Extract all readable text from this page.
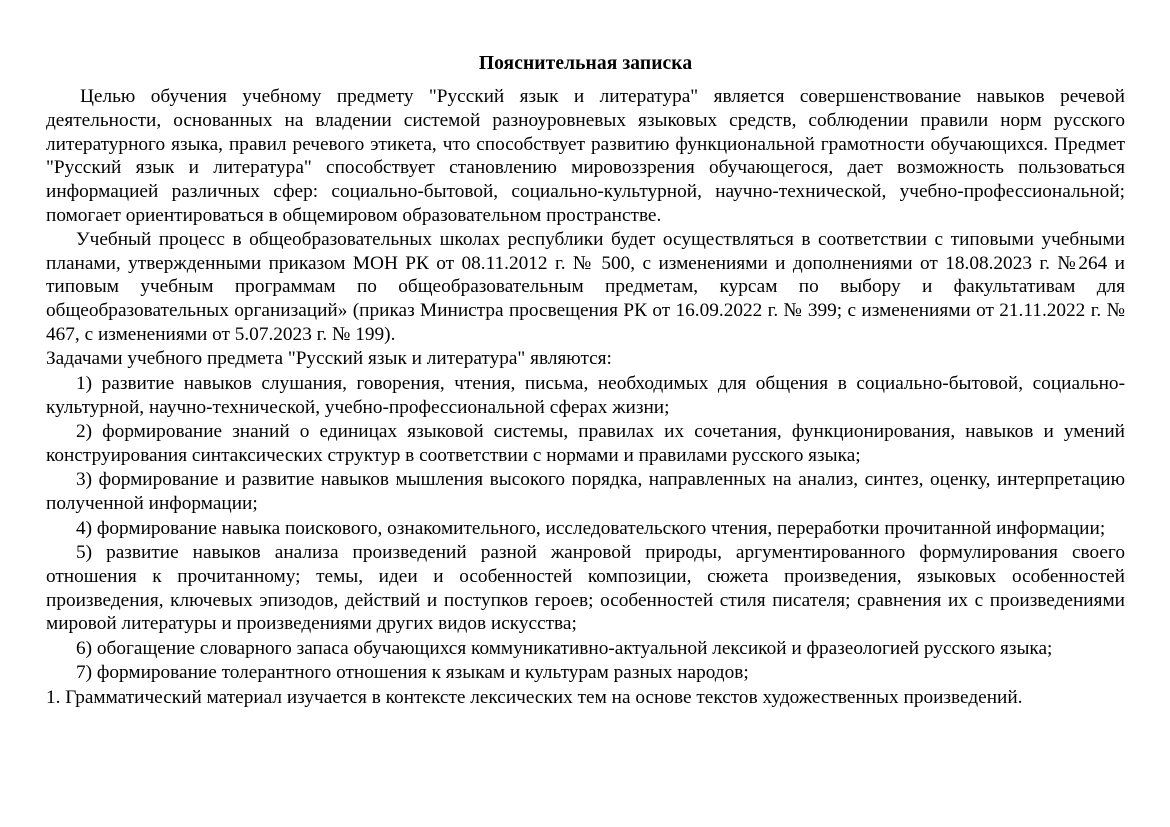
Пояснительная записка

Целью обучения учебному предмету "Русский язык и литература" является совершенствование навыков речевой деятельности, основанных на владении системой разноуровневых языковых средств, соблюдении правили норм русского литературного языка, правил речевого этикета, что способствует развитию функциональной грамотности обучающихся. Предмет "Русский язык и литература" способствует становлению мировоззрения обучающегося, дает возможность пользоваться информацией различных сфер: социально-бытовой, социально-культурной, научно-технической, учебно-профессиональной; помогает ориентироваться в общемировом образовательном пространстве.

Учебный процесс в общеобразовательных школах республики будет осуществляться в соответствии с типовыми учебными планами, утвержденными приказом МОН РК от 08.11.2012 г. № 500, с изменениями и дополнениями от 18.08.2023 г. №264 и типовым учебным программам по общеобразовательным предметам, курсам по выбору и факультативам для общеобразовательных организаций» (приказ Министра просвещения РК от 16.09.2022 г. № 399; с изменениями от 21.11.2022 г. № 467, с изменениями от 5.07.2023 г. № 199).

Задачами учебного предмета "Русский язык и литература" являются:

1) развитие навыков слушания, говорения, чтения, письма, необходимых для общения в социально-бытовой, социально-культурной, научно-технической, учебно-профессиональной сферах жизни;

2) формирование знаний о единицах языковой системы, правилах их сочетания, функционирования, навыков и умений конструирования синтаксических структур в соответствии с нормами и правилами русского языка;

3) формирование и развитие навыков мышления высокого порядка, направленных на анализ, синтез, оценку, интерпретацию полученной информации;

4) формирование навыка поискового, ознакомительного, исследовательского чтения, переработки прочитанной информации;

5) развитие навыков анализа произведений разной жанровой природы, аргументированного формулирования своего отношения к прочитанному; темы, идеи и особенностей композиции, сюжета произведения, языковых особенностей произведения, ключевых эпизодов, действий и поступков героев; особенностей стиля писателя; сравнения их с произведениями мировой литературы и произведениями других видов искусства;

6) обогащение словарного запаса обучающихся коммуникативно-актуальной лексикой и фразеологией русского языка;

7) формирование толерантного отношения к языкам и культурам разных народов;

1. Грамматический материал изучается в контексте лексических тем на основе текстов художественных произведений.
